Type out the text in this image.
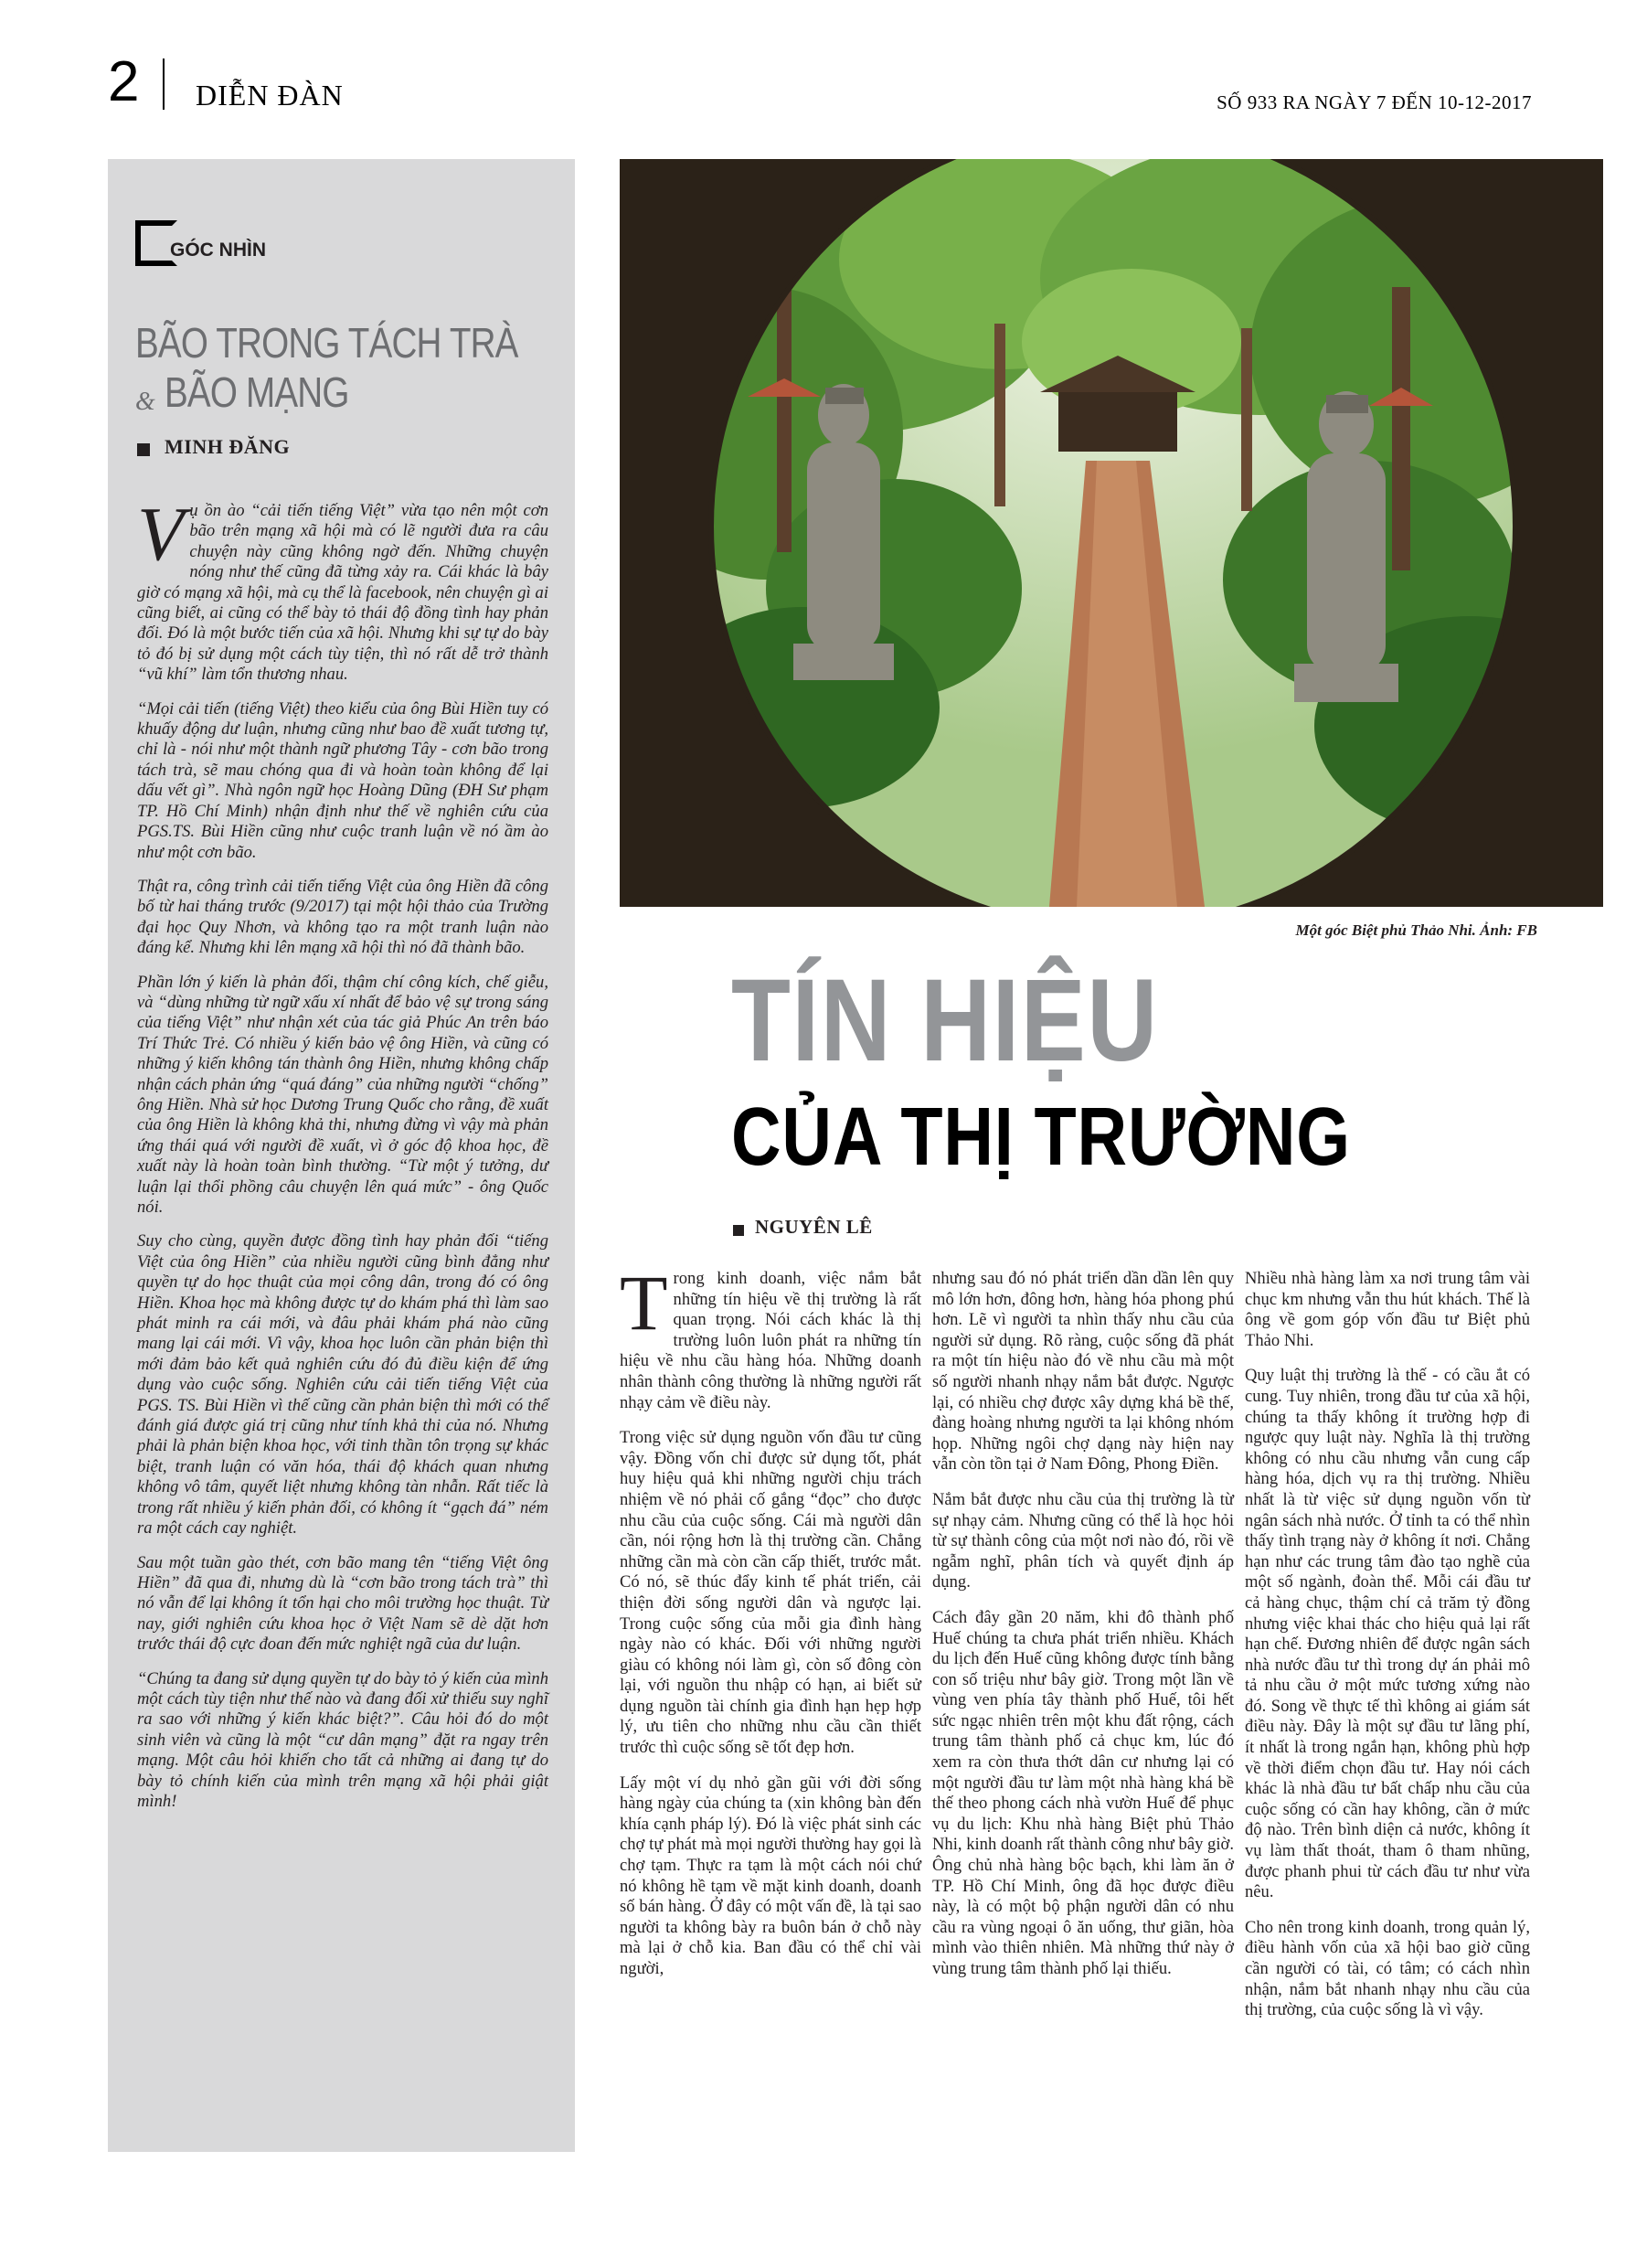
2 DIỄN ĐÀN	SỐ 933 RA NGÀY 7 ĐẾN 10-12-2017
GÓC NHÌN
BÃO TRONG TÁCH TRÀ
& BÃO MẠNG
MINH ĐĂNG

Vụ ồn ào “cải tiến tiếng Việt” vừa tạo nên một cơn bão trên mạng xã hội mà có lẽ người đưa ra câu chuyện này cũng không ngờ đến. Những chuyện nóng như thế cũng đã từng xảy ra. Cái khác là bây giờ có mạng xã hội, mà cụ thể là facebook, nên chuyện gì ai cũng biết, ai cũng có thể bày tỏ thái độ đồng tình hay phản đối. Đó là một bước tiến của xã hội. Nhưng khi sự tự do bày tỏ đó bị sử dụng một cách tùy tiện, thì nó rất dễ trở thành “vũ khí” làm tổn thương nhau.

“Mọi cải tiến (tiếng Việt) theo kiểu của ông Bùi Hiền tuy có khuấy động dư luận, nhưng cũng như bao đề xuất tương tự, chỉ là - nói như một thành ngữ phương Tây - cơn bão trong tách trà, sẽ mau chóng qua đi và hoàn toàn không để lại dấu vết gì”. Nhà ngôn ngữ học Hoàng Dũng (ĐH Sư phạm TP. Hồ Chí Minh) nhận định như thế về nghiên cứu của PGS.TS. Bùi Hiền cũng như cuộc tranh luận về nó ầm ào như một cơn bão.

Thật ra, công trình cải tiến tiếng Việt của ông Hiền đã công bố từ hai tháng trước (9/2017) tại một hội thảo của Trường đại học Quy Nhơn, và không tạo ra một tranh luận nào đáng kể. Nhưng khi lên mạng xã hội thì nó đã thành bão.

Phần lớn ý kiến là phản đối, thậm chí công kích, chế giễu, và “dùng những từ ngữ xấu xí nhất để bảo vệ sự trong sáng của tiếng Việt” như nhận xét của tác giả Phúc An trên báo Trí Thức Trẻ. Có nhiều ý kiến bảo vệ ông Hiền, và cũng có những ý kiến không tán thành ông Hiền, nhưng không chấp nhận cách phản ứng “quá đáng” của những người “chống” ông Hiền. Nhà sử học Dương Trung Quốc cho rằng, đề xuất của ông Hiền là không khả thi, nhưng đừng vì vậy mà phản ứng thái quá với người đề xuất, vì ở góc độ khoa học, đề xuất này là hoàn toàn bình thường. “Từ một ý tưởng, dư luận lại thổi phồng câu chuyện lên quá mức” - ông Quốc nói.

Suy cho cùng, quyền được đồng tình hay phản đối “tiếng Việt của ông Hiền” của nhiều người cũng bình đẳng như quyền tự do học thuật của mọi công dân, trong đó có ông Hiền. Khoa học mà không được tự do khám phá thì làm sao phát minh ra cái mới, và đâu phải khám phá nào cũng mang lại cái mới. Vì vậy, khoa học luôn cần phản biện thì mới đảm bảo kết quả nghiên cứu đó đủ điều kiện để ứng dụng vào cuộc sống. Nghiên cứu cải tiến tiếng Việt của PGS. TS. Bùi Hiền vì thế cũng cần phản biện thì mới có thể đánh giá được giá trị cũng như tính khả thi của nó. Nhưng phải là phản biện khoa học, với tinh thần tôn trọng sự khác biệt, tranh luận có văn hóa, thái độ khách quan nhưng không vô tâm, quyết liệt nhưng không tàn nhẫn. Rất tiếc là trong rất nhiều ý kiến phản đối, có không ít “gạch đá” ném ra một cách cay nghiệt.

Sau một tuần gào thét, cơn bão mang tên “tiếng Việt ông Hiền” đã qua đi, nhưng dù là “cơn bão trong tách trà” thì nó vẫn để lại không ít tổn hại cho môi trường học thuật. Từ nay, giới nghiên cứu khoa học ở Việt Nam sẽ dè dặt hơn trước thái độ cực đoan đến mức nghiệt ngã của dư luận.

“Chúng ta đang sử dụng quyền tự do bày tỏ ý kiến của mình một cách tùy tiện như thế nào và đang đối xử thiếu suy nghĩ ra sao với những ý kiến khác biệt?”. Câu hỏi đó do một sinh viên và cũng là một “cư dân mạng” đặt ra ngay trên mạng. Một câu hỏi khiến cho tất cả những ai đang tự do bày tỏ chính kiến của mình trên mạng xã hội phải giật mình!

Một góc Biệt phủ Thảo Nhi. Ảnh: FB
TÍN HIỆU
CỦA THỊ TRƯỜNG
NGUYÊN LÊ

Trong kinh doanh, việc nắm bắt những tín hiệu về thị trường là rất quan trọng. Nói cách khác là thị trường luôn luôn phát ra những tín hiệu về nhu cầu hàng hóa. Những doanh nhân thành công thường là những người rất nhạy cảm về điều này.

Trong việc sử dụng nguồn vốn đầu tư cũng vậy. Đồng vốn chỉ được sử dụng tốt, phát huy hiệu quả khi những người chịu trách nhiệm về nó phải cố gắng “đọc” cho được nhu cầu của cuộc sống. Cái mà người dân cần, nói rộng hơn là thị trường cần. Chẳng những cần mà còn cần cấp thiết, trước mắt. Có nó, sẽ thúc đẩy kinh tế phát triển, cải thiện đời sống người dân và ngược lại. Trong cuộc sống của mỗi gia đình hàng ngày nào có khác. Đối với những người giàu có không nói làm gì, còn số đông còn lại, với nguồn thu nhập có hạn, ai biết sử dụng nguồn tài chính gia đình hạn hẹp hợp lý, ưu tiên cho những nhu cầu cần thiết trước thì cuộc sống sẽ tốt đẹp hơn.

Lấy một ví dụ nhỏ gần gũi với đời sống hàng ngày của chúng ta (xin không bàn đến khía cạnh pháp lý). Đó là việc phát sinh các chợ tự phát mà mọi người thường hay gọi là chợ tạm. Thực ra tạm là một cách nói chứ nó không hề tạm về mặt kinh doanh, doanh số bán hàng. Ở đây có một vấn đề, là tại sao người ta không bày ra buôn bán ở chỗ này mà lại ở chỗ kia. Ban đầu có thể chỉ vài người,

nhưng sau đó nó phát triển dần dần lên quy mô lớn hơn, đông hơn, hàng hóa phong phú hơn. Lẽ vì người ta nhìn thấy nhu cầu của người sử dụng. Rõ ràng, cuộc sống đã phát ra một tín hiệu nào đó về nhu cầu mà một số người nhanh nhạy nắm bắt được. Ngược lại, có nhiều chợ được xây dựng khá bề thế, đàng hoàng nhưng người ta lại không nhóm họp. Những ngôi chợ dạng này hiện nay vẫn còn tồn tại ở Nam Đông, Phong Điền.

Nắm bắt được nhu cầu của thị trường là từ sự nhạy cảm. Nhưng cũng có thể là học hỏi từ sự thành công của một nơi nào đó, rồi về ngẫm nghĩ, phân tích và quyết định áp dụng.

Cách đây gần 20 năm, khi đô thành phố Huế chúng ta chưa phát triển nhiều. Khách du lịch đến Huế cũng không được tính bằng con số triệu như bây giờ. Trong một lần về vùng ven phía tây thành phố Huế, tôi hết sức ngạc nhiên trên một khu đất rộng, cách trung tâm thành phố cả chục km, lúc đó xem ra còn thưa thớt dân cư nhưng lại có một người đầu tư làm một nhà hàng khá bề thế theo phong cách nhà vườn Huế để phục vụ du lịch: Khu nhà hàng Biệt phủ Thảo Nhi, kinh doanh rất thành công như bây giờ. Ông chủ nhà hàng bộc bạch, khi làm ăn ở TP. Hồ Chí Minh, ông đã học được điều này, là có một bộ phận người dân có nhu cầu ra vùng ngoại ô ăn uống, thư giãn, hòa mình vào thiên nhiên. Mà những thứ này ở vùng trung tâm thành phố lại thiếu.

Nhiều nhà hàng làm xa nơi trung tâm vài chục km nhưng vẫn thu hút khách. Thế là ông về gom góp vốn đầu tư Biệt phủ Thảo Nhi.

Quy luật thị trường là thế - có cầu ắt có cung. Tuy nhiên, trong đầu tư của xã hội, chúng ta thấy không ít trường hợp đi ngược quy luật này. Nghĩa là thị trường không có nhu cầu nhưng vẫn cung cấp hàng hóa, dịch vụ ra thị trường. Nhiều nhất là từ việc sử dụng nguồn vốn từ ngân sách nhà nước. Ở tỉnh ta có thể nhìn thấy tình trạng này ở không ít nơi. Chẳng hạn như các trung tâm đào tạo nghề của một số ngành, đoàn thể. Mỗi cái đầu tư cả hàng chục, thậm chí cả trăm tỷ đồng nhưng việc khai thác cho hiệu quả lại rất hạn chế. Đương nhiên để được ngân sách nhà nước đầu tư thì trong dự án phải mô tả nhu cầu ở một mức tương xứng nào đó. Song về thực tế thì không ai giám sát điều này. Đây là một sự đầu tư lãng phí, ít nhất là trong ngắn hạn, không phù hợp về thời điểm chọn đầu tư. Hay nói cách khác là nhà đầu tư bất chấp nhu cầu của cuộc sống có cần hay không, cần ở mức độ nào. Trên bình diện cả nước, không ít vụ làm thất thoát, tham ô tham nhũng, được phanh phui từ cách đầu tư như vừa nêu.

Cho nên trong kinh doanh, trong quản lý, điều hành vốn của xã hội bao giờ cũng cần người có tài, có tâm; có cách nhìn nhận, nắm bắt nhanh nhạy nhu cầu của thị trường, của cuộc sống là vì vậy.
